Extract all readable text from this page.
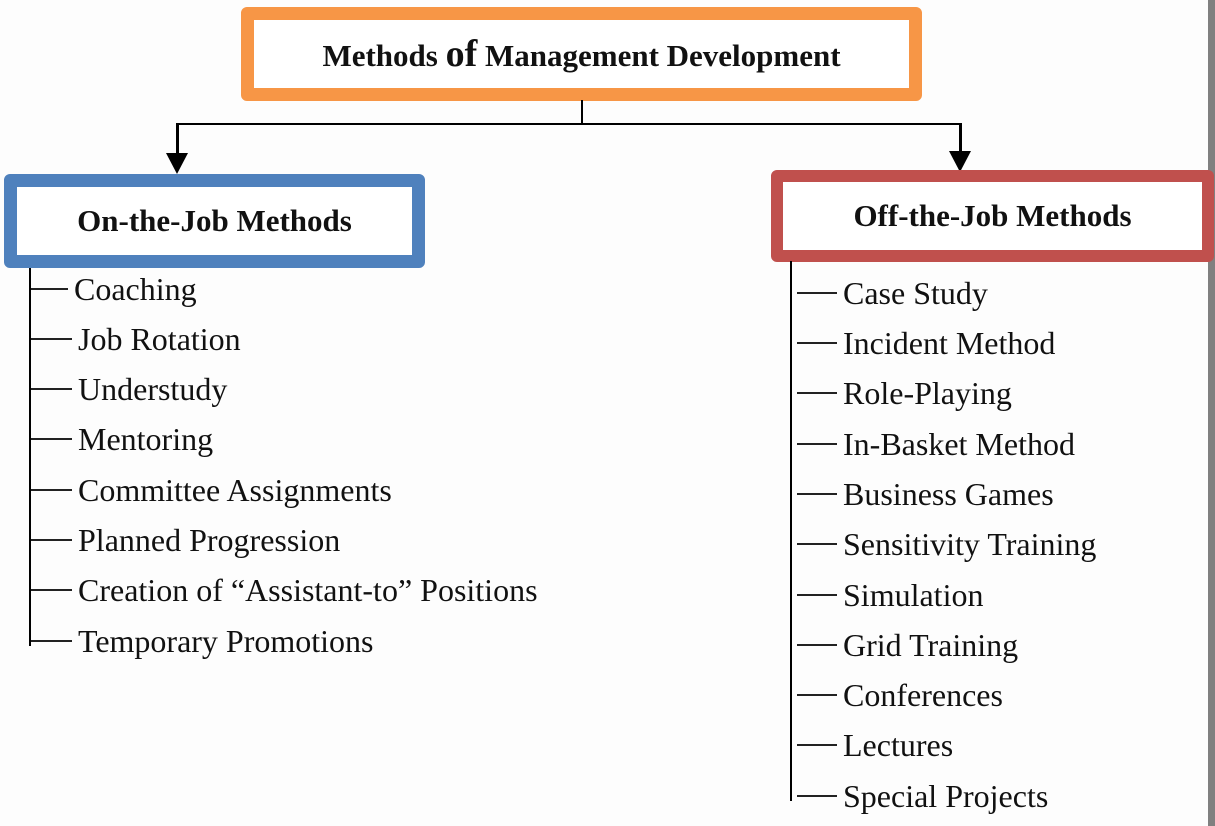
Methods of Management Development
On-the-Job Methods	Off-the-Job Methods
Coaching
Job Rotation
Understudy
Mentoring
Committee Assignments
Planned Progression
Creation of “Assistant-to” Positions
Temporary Promotions
Case Study
Incident Method
Role-Playing
In-Basket Method
Business Games
Sensitivity Training
Simulation
Grid Training
Conferences
Lectures
Special Projects
